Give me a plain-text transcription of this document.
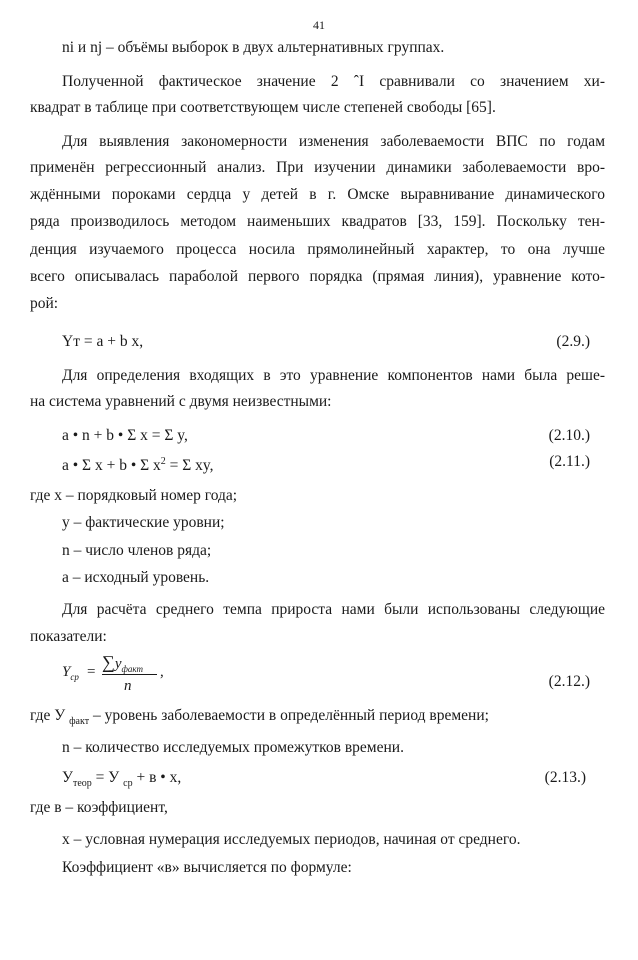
41
ni и nj – объёмы выборок в двух альтернативных группах.
Полученной фактическое значение 2 ˆI сравнивали со значением хи-
квадрат в таблице при соответствующем числе степеней свободы [65].
Для выявления закономерности изменения заболеваемости ВПС по годам
применён регрессионный анализ. При изучении динамики заболеваемости вро-
ждёнными пороками сердца у детей в г. Омске выравнивание динамического
ряда производилось методом наименьших квадратов [33, 159]. Поскольку тен-
денция изучаемого процесса носила прямолинейный характер, то она лучше
всего описывалась параболой первого порядка (прямая линия), уравнение кото-
рой:
Yт = a + b x,	(2.9.)
Для определения входящих в это уравнение компонентов нами была реше-
на система уравнений с двумя неизвестными:
a • n + b • Σ x = Σ y,	(2.10.)
a • Σ x + b • Σ $x^2 = \Sigma$ xy,	(2.11.)
где x – порядковый номер года;
y – фактические уровни;
n – число членов ряда;
a – исходный уровень.
Для расчёта среднего темпа прироста нами были использованы следующие
показатели:
$Y_{ср} = \sum y_{факт}$
n
,
(2.12.)
где У $_{факт}$ – уровень заболеваемости в определённый период времени;
n – количество исследуемых промежутков времени.
$У_{теор} = У$ $_{ср}$ + в • x,	(2.13.)
где в – коэффициент,
x – условная нумерация исследуемых периодов, начиная от среднего.
Коэффициент «в» вычисляется по формуле:
